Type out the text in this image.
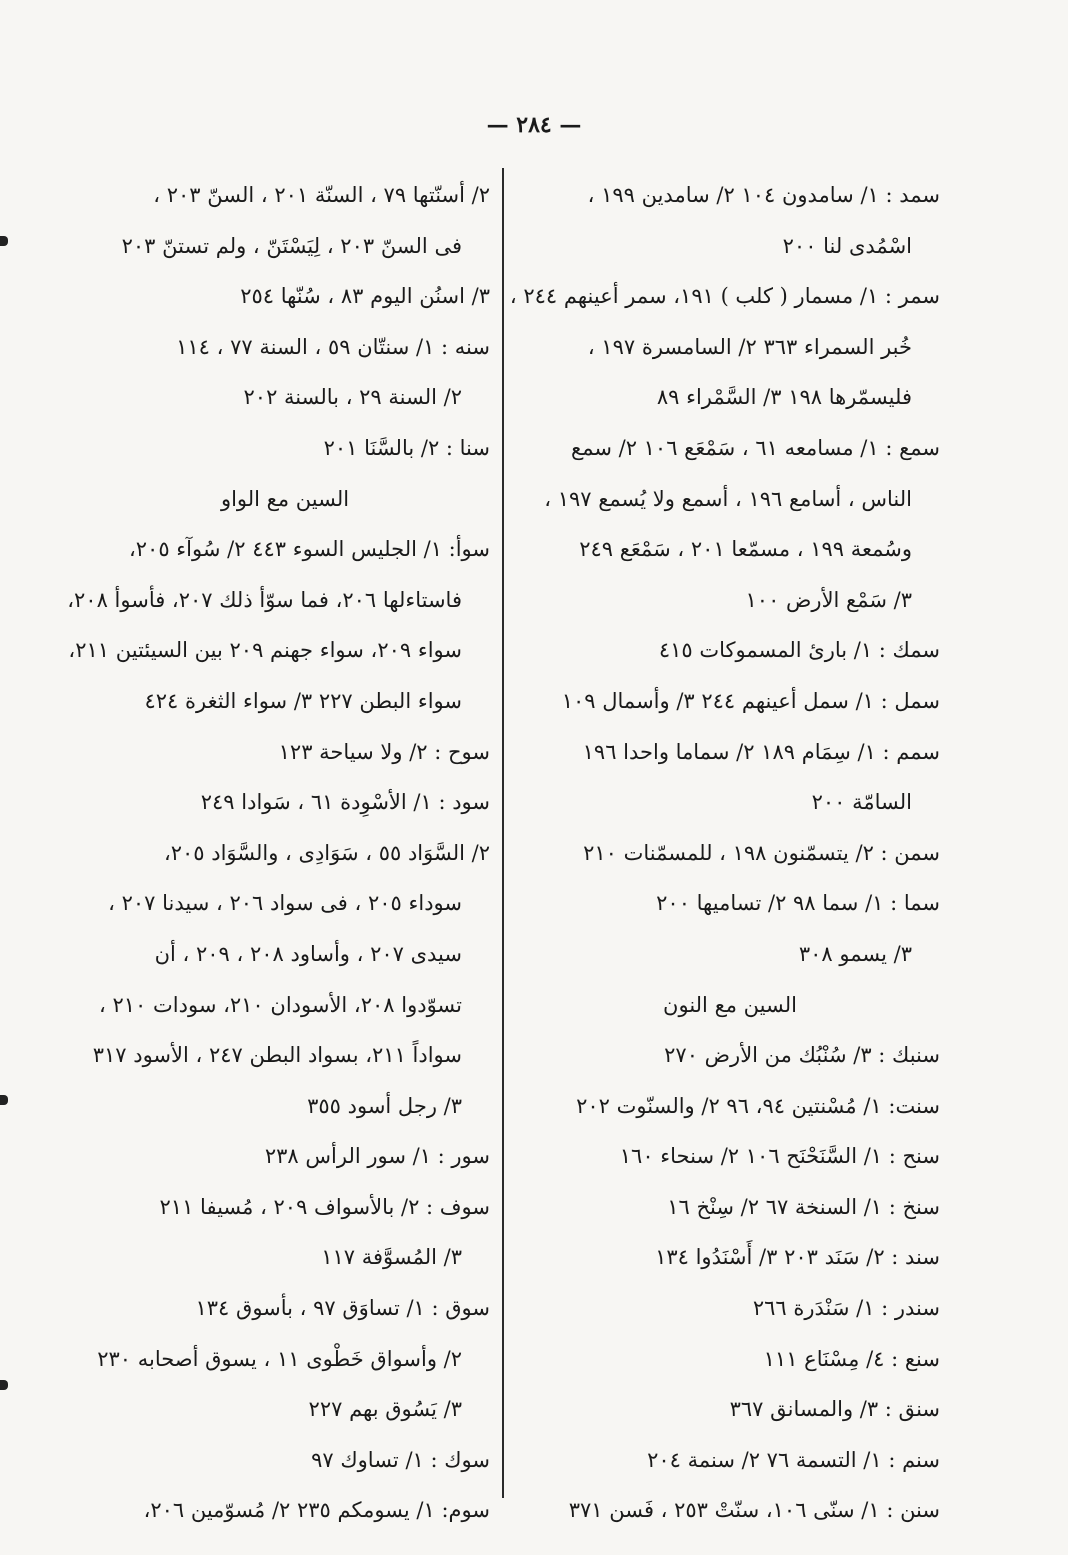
— ٢٨٤ —
سمد : ١/ سامدون ١٠٤ ٢/ سامدين ١٩٩ ،
اسْمُدى لنا ٢٠٠
سمر : ١/ مسمار ( كلب ) ١٩١، سمر أعينهم ٢٤٤ ،
خُبر السمراء ٣٦٣ ٢/ السامسرة ١٩٧ ،
فليسمّرها ١٩٨ ٣/ السَّمْراء ٨٩
سمع : ١/ مسامعه ٦١ ، سَمْعَع ١٠٦ ٢/ سمع
الناس ، أسامع ١٩٦ ، أسمع ولا يُسمع ١٩٧ ،
وسُمعة ١٩٩ ، مسمّعا ٢٠١ ، سَمْعَع ٢٤٩
٣/ سَمْع الأرض ١٠٠
سمك : ١/ بارئ المسموكات ٤١٥
سمل : ١/ سمل أعينهم ٢٤٤ ٣/ وأسمال ١٠٩
سمم : ١/ سِمَام ١٨٩ ٢/ سماما واحدا ١٩٦
السامّة ٢٠٠
سمن : ٢/ يتسمّنون ١٩٨ ، للمسمّنات ٢١٠
سما : ١/ سما ٩٨ ٢/ تساميها ٢٠٠
٣/ يسمو ٣٠٨
السين مع النون
سنبك : ٣/ سُنْبُك من الأرض ٢٧٠
سنت: ١/ مُسْنتين ٩٤، ٩٦ ٢/ والسنّوت ٢٠٢
سنح : ١/ السَّنَحْنَح ١٠٦ ٢/ سنحاء ١٦٠
سنخ : ١/ السنخة ٦٧ ٢/ سِنْخ ١٦
سند : ٢/ سَنَد ٢٠٣ ٣/ أَسْنَدُوا ١٣٤
سندر : ١/ سَنْدَرة ٢٦٦
سنع : ٤/ مِسْنَاع ١١١
سنق : ٣/ والمسانق ٣٦٧
سنم : ١/ التسمة ٧٦ ٢/ سنمة ٢٠٤
سنن : ١/ سنّى ١٠٦، سنّتْ ٢٥٣ ، فَسن ٣٧١
٢/ أسنّتها ٧٩ ، السنّة ٢٠١ ، السنّ ٢٠٣ ،
فى السنّ ٢٠٣ ، لِيَسْتَنّ ، ولم تستنّ ٢٠٣
٣/ اسنُن اليوم ٨٣ ، سُنّها ٢٥٤
سنه : ١/ سنتّان ٥٩ ، السنة ٧٧ ، ١١٤
٢/ السنة ٢٩ ، بالسنة ٢٠٢
سنا : ٢/ بالسَّنَا ٢٠١
السين مع الواو
سوأ: ١/ الجليس السوء ٤٤٣ ٢/ سُوآء ٢٠٥،
فاستاءلها ٢٠٦، فما سوّأ ذلك ٢٠٧، فأسوأ ٢٠٨،
سواء ٢٠٩، سواء جهنم ٢٠٩ بين السيئتين ٢١١،
سواء البطن ٢٢٧ ٣/ سواء الثغرة ٤٢٤
سوح : ٢/ ولا سياحة ١٢٣
سود : ١/ الأسْوِدة ٦١ ، سَوادا ٢٤٩
٢/ السَّوَاد ٥٥ ، سَوَادِى ، والسَّوَاد ٢٠٥،
سوداء ٢٠٥ ، فى سواد ٢٠٦ ، سيدنا ٢٠٧ ،
سيدى ٢٠٧ ، وأساود ٢٠٨ ، ٢٠٩ ، أن
تسوّدوا ٢٠٨، الأسودان ٢١٠، سودات ٢١٠ ،
سواداً ٢١١، بسواد البطن ٢٤٧ ، الأسود ٣١٧
٣/ رجل أسود ٣٥٥
سور : ١/ سور الرأس ٢٣٨
سوف : ٢/ بالأسواف ٢٠٩ ، مُسيفا ٢١١
٣/ المُسوَّفة ١١٧
سوق : ١/ تساوَق ٩٧ ، بأسوق ١٣٤
٢/ وأسواق خَطْوى ١١ ، يسوق أصحابه ٢٣٠
٣/ يَسُوق بهم ٢٢٧
سوك : ١/ تساوك ٩٧
سوم: ١/ يسومكم ٢٣٥ ٢/ مُسوّمين ٢٠٦،
